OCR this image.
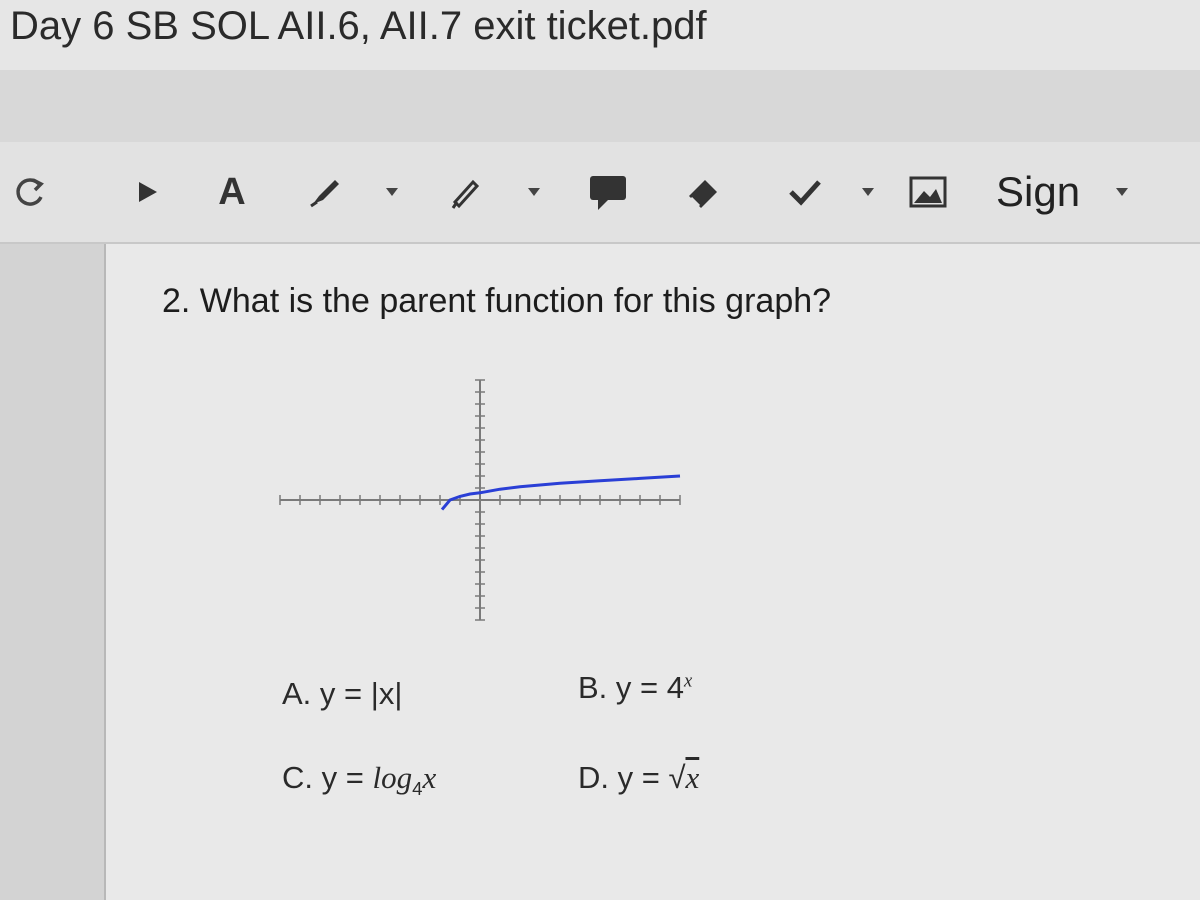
Day 6 SB SOL AII.6, AII.7 exit ticket.pdf
A	Sign
2. What is the parent function for this graph?
A. y = |x|	B. $y = 4^x$
C. $y = \log_4x$	D. y = √x
